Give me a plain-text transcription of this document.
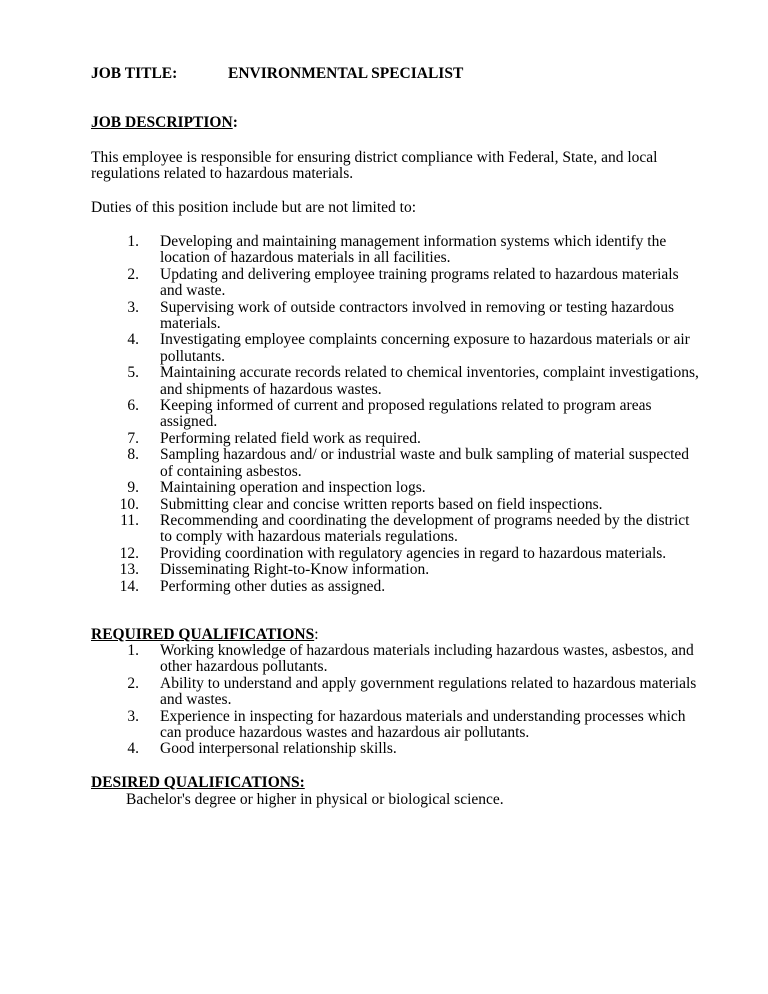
JOB TITLE:	ENVIRONMENTAL SPECIALIST
JOB DESCRIPTION:
This employee is responsible for ensuring district compliance with Federal, State, and local regulations related to hazardous materials.
Duties of this position include but are not limited to:
1. Developing and maintaining management information systems which identify the location of hazardous materials in all facilities.
2. Updating and delivering employee training programs related to hazardous materials and waste.
3. Supervising work of outside contractors involved in removing or testing hazardous materials.
4. Investigating employee complaints concerning exposure to hazardous materials or air pollutants.
5. Maintaining accurate records related to chemical inventories, complaint investigations, and shipments of hazardous wastes.
6. Keeping informed of current and proposed regulations related to program areas assigned.
7. Performing related field work as required.
8. Sampling hazardous and/ or industrial waste and bulk sampling of material suspected of containing asbestos.
9. Maintaining operation and inspection logs.
10. Submitting clear and concise written reports based on field inspections.
11. Recommending and coordinating the development of programs needed by the district to comply with hazardous materials regulations.
12. Providing coordination with regulatory agencies in regard to hazardous materials.
13. Disseminating Right-to-Know information.
14. Performing other duties as assigned.
REQUIRED QUALIFICATIONS:
1. Working knowledge of hazardous materials including hazardous wastes, asbestos, and other hazardous pollutants.
2. Ability to understand and apply government regulations related to hazardous materials and wastes.
3. Experience in inspecting for hazardous materials and understanding processes which can produce hazardous wastes and hazardous air pollutants.
4. Good interpersonal relationship skills.
DESIRED QUALIFICATIONS:
Bachelor's degree or higher in physical or biological science.
